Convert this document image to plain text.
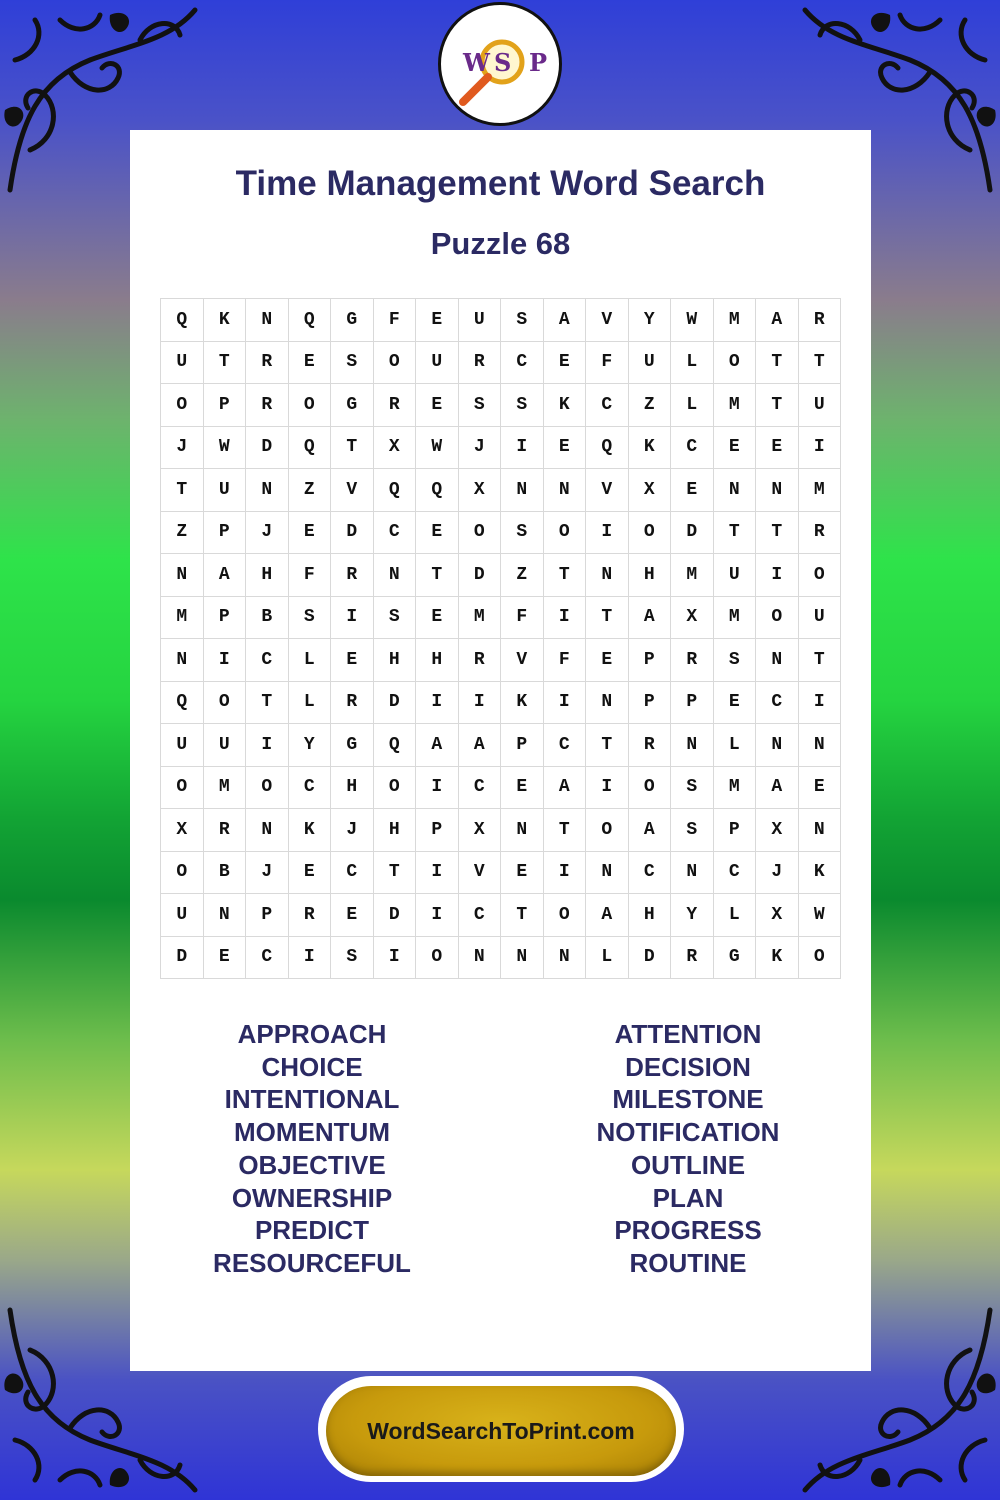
W S P
Time Management Word Search
Puzzle 68
Q	K	N	Q	G	F	E	U	S	A	V	Y	W	M	A	R
U	T	R	E	S	O	U	R	C	E	F	U	L	O	T	T
O	P	R	O	G	R	E	S	S	K	C	Z	L	M	T	U
J	W	D	Q	T	X	W	J	I	E	Q	K	C	E	E	I
T	U	N	Z	V	Q	Q	X	N	N	V	X	E	N	N	M
Z	P	J	E	D	C	E	O	S	O	I	O	D	T	T	R
N	A	H	F	R	N	T	D	Z	T	N	H	M	U	I	O
M	P	B	S	I	S	E	M	F	I	T	A	X	M	O	U
N	I	C	L	E	H	H	R	V	F	E	P	R	S	N	T
Q	O	T	L	R	D	I	I	K	I	N	P	P	E	C	I
U	U	I	Y	G	Q	A	A	P	C	T	R	N	L	N	N
O	M	O	C	H	O	I	C	E	A	I	O	S	M	A	E
X	R	N	K	J	H	P	X	N	T	O	A	S	P	X	N
O	B	J	E	C	T	I	V	E	I	N	C	N	C	J	K
U	N	P	R	E	D	I	C	T	O	A	H	Y	L	X	W
D	E	C	I	S	I	O	N	N	N	L	D	R	G	K	O
APPROACH
CHOICE
INTENTIONAL
MOMENTUM
OBJECTIVE
OWNERSHIP
PREDICT
RESOURCEFUL
ATTENTION
DECISION
MILESTONE
NOTIFICATION
OUTLINE
PLAN
PROGRESS
ROUTINE
WordSearchToPrint.com
